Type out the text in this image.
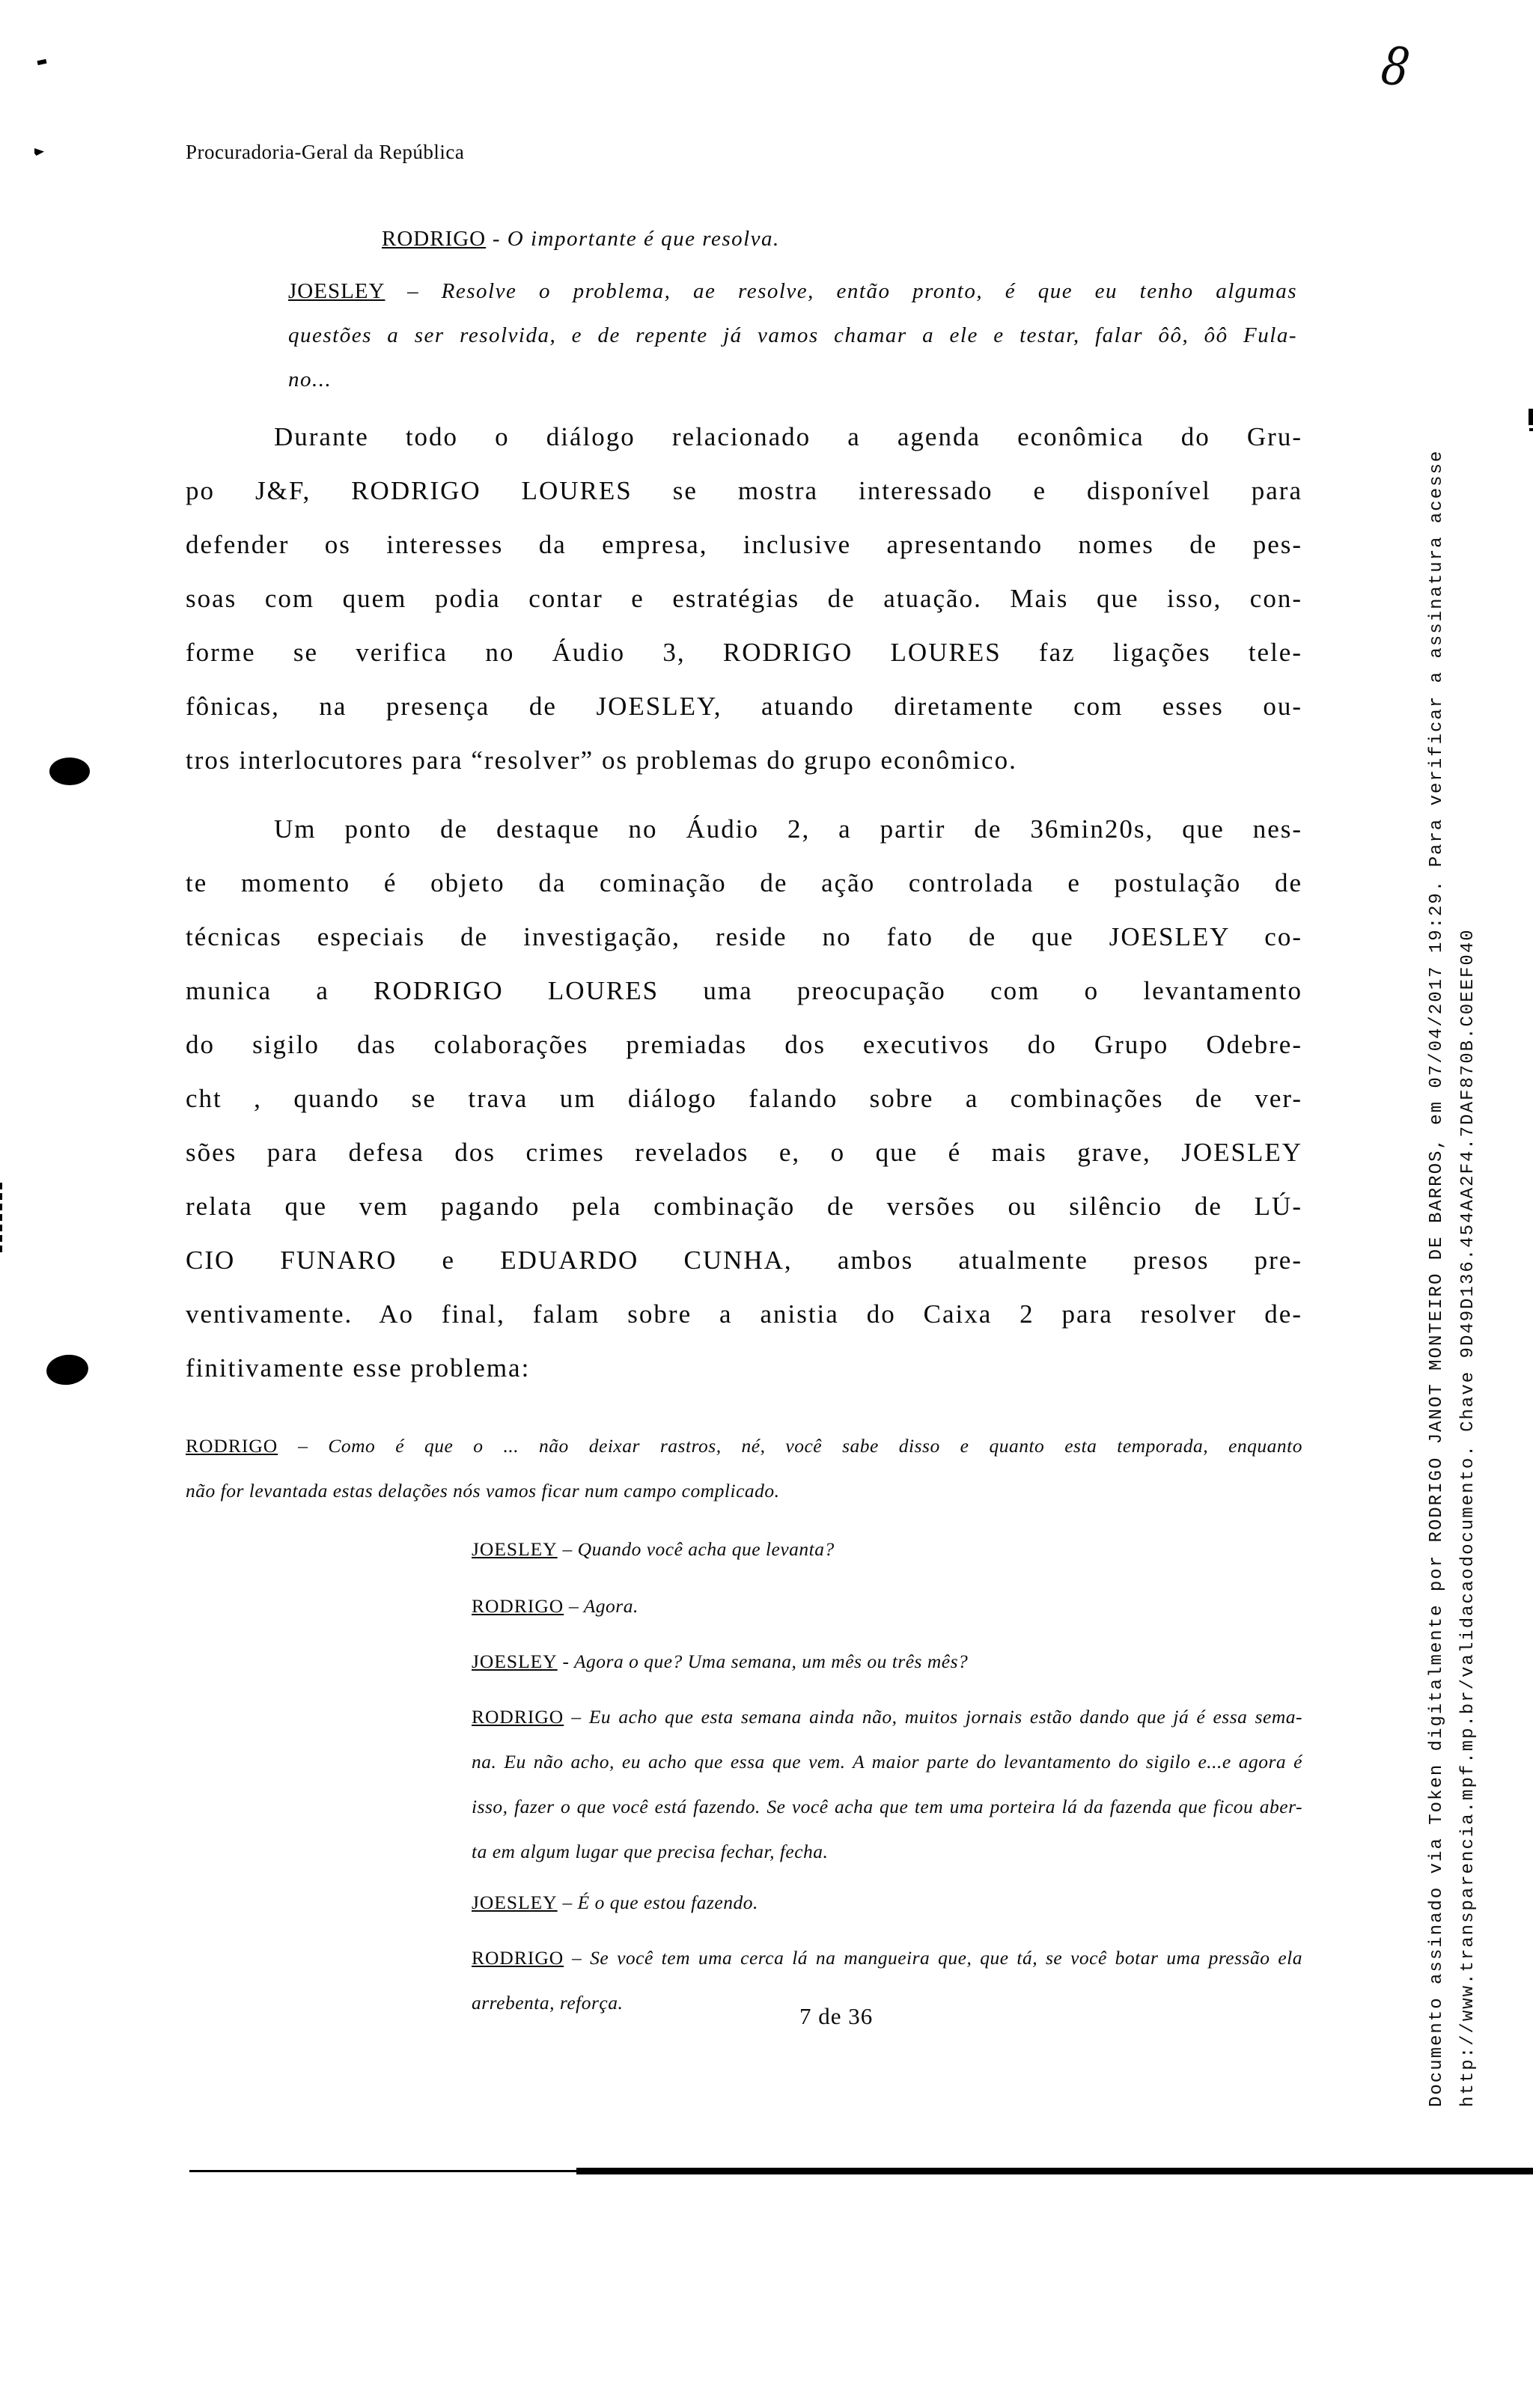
8
Procuradoria-Geral da República
RODRIGO - O importante é que resolva.
JOESLEY – Resolve o problema, ae resolve, então pronto, é que eu tenho algumas
questões a ser resolvida, e de repente já vamos chamar a ele e testar, falar ôô, ôô Fula-
no...
Durante todo o diálogo relacionado a agenda econômica do Gru-
po J&F, RODRIGO LOURES se mostra interessado e disponível para
defender os interesses da empresa, inclusive apresentando nomes de pes-
soas com quem podia contar e estratégias de atuação. Mais que isso, con-
forme se verifica no Áudio 3, RODRIGO LOURES faz ligações tele-
fônicas, na presença de JOESLEY, atuando diretamente com esses ou-
tros interlocutores para “resolver” os problemas do grupo econômico.
Um ponto de destaque no Áudio 2, a partir de 36min20s, que nes-
te momento é objeto da cominação de ação controlada e postulação de
técnicas especiais de investigação, reside no fato de que JOESLEY co-
munica a RODRIGO LOURES uma preocupação com o levantamento
do sigilo das colaborações premiadas dos executivos do Grupo Odebre-
cht , quando se trava um diálogo falando sobre a combinações de ver-
sões para defesa dos crimes revelados e, o que é mais grave, JOESLEY
relata que vem pagando pela combinação de versões ou silêncio de LÚ-
CIO FUNARO e EDUARDO CUNHA, ambos atualmente presos pre-
ventivamente. Ao final, falam sobre a anistia do Caixa 2 para resolver de-
finitivamente esse problema:
RODRIGO – Como é que o ... não deixar rastros, né, você sabe disso e quanto esta temporada, enquanto
não for levantada estas delações nós vamos ficar num campo complicado.
JOESLEY – Quando você acha que levanta?
RODRIGO – Agora.
JOESLEY - Agora o que? Uma semana, um mês ou três mês?
RODRIGO – Eu acho que esta semana ainda não, muitos jornais estão dando que já é essa sema-
na. Eu não acho, eu acho que essa que vem. A maior parte do levantamento do sigilo e...e agora é
isso, fazer o que você está fazendo. Se você acha que tem uma porteira lá da fazenda que ficou aber-
ta em algum lugar que precisa fechar, fecha.
JOESLEY – É o que estou fazendo.
RODRIGO – Se você tem uma cerca lá na mangueira que, que tá, se você botar uma pressão ela
arrebenta, reforça.
7 de 36	Documento assinado via Token digitalmente por RODRIGO JANOT MONTEIRO DE BARROS, em 07/04/2017 19:29. Para verificar a assinatura acesse http://www.transparencia.mpf.mp.br/validacaodocumento. Chave 9D49D136.454AA2F4.7DAF870B.C0EEF040
